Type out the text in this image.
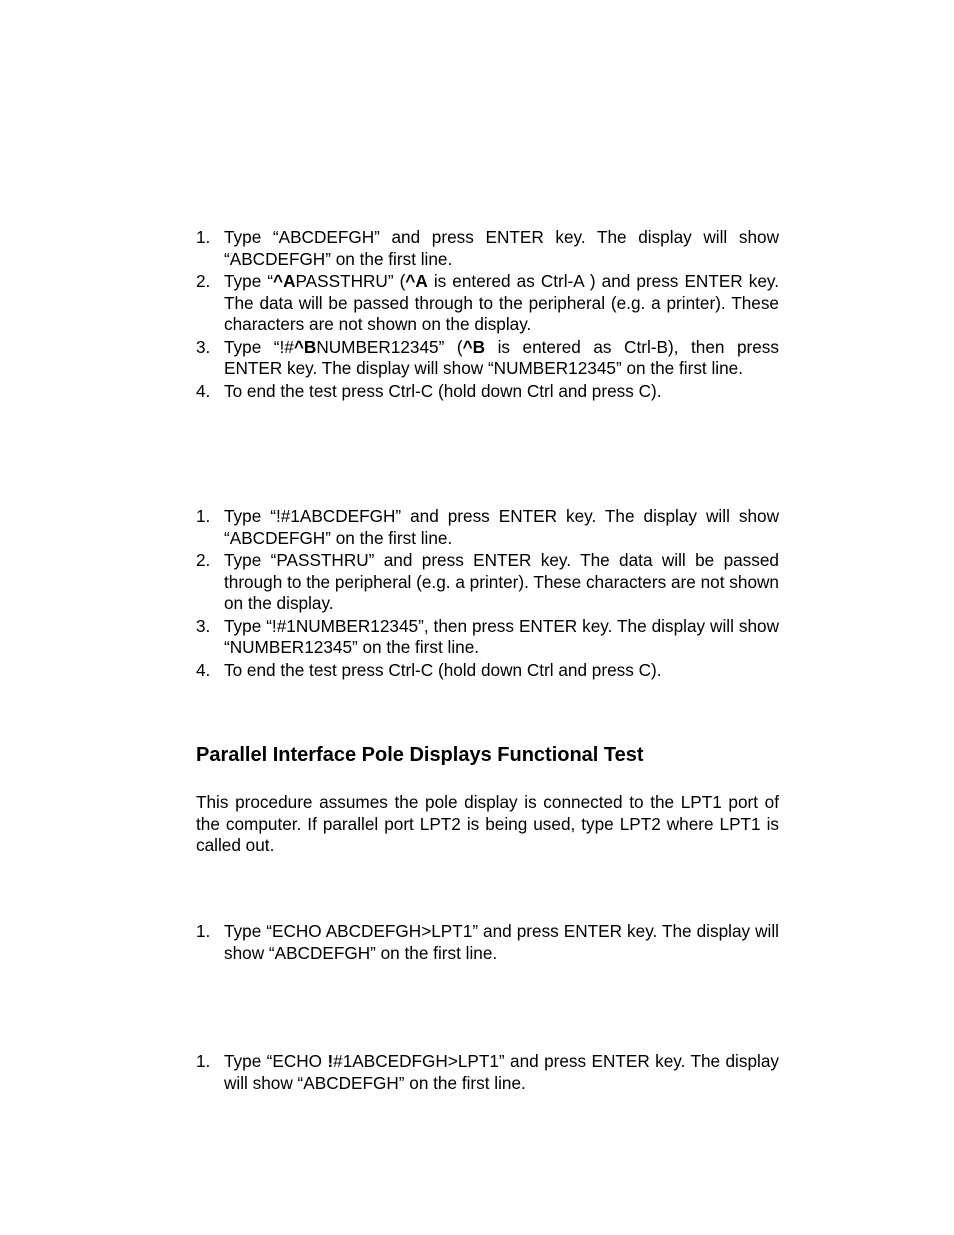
1. Type “ABCDEFGH” and press ENTER key. The display will show “ABCDEFGH” on the first line.
2. Type “^APASSTHRU” (^A is entered as Ctrl-A ) and press ENTER key. The data will be passed through to the peripheral (e.g. a printer). These characters are not shown on the display.
3. Type “!#^BNUMBER12345” (^B is entered as Ctrl-B), then press ENTER key. The display will show “NUMBER12345” on the first line.
4. To end the test press Ctrl-C (hold down Ctrl and press C).
1. Type “!#1ABCDEFGH” and press ENTER key. The display will show “ABCDEFGH” on the first line.
2. Type “PASSTHRU” and press ENTER key. The data will be passed through to the peripheral (e.g. a printer). These characters are not shown on the display.
3. Type “!#1NUMBER12345”, then press ENTER key. The display will show “NUMBER12345” on the first line.
4. To end the test press Ctrl-C (hold down Ctrl and press C).
Parallel Interface Pole Displays Functional Test

This procedure assumes the pole display is connected to the LPT1 port of the computer. If parallel port LPT2 is being used, type LPT2 where LPT1 is called out.

1. Type “ECHO ABCDEFGH>LPT1” and press ENTER key. The display will show “ABCDEFGH” on the first line.
1. Type “ECHO !#1ABCEDFGH>LPT1” and press ENTER key. The display will show “ABCDEFGH” on the first line.
